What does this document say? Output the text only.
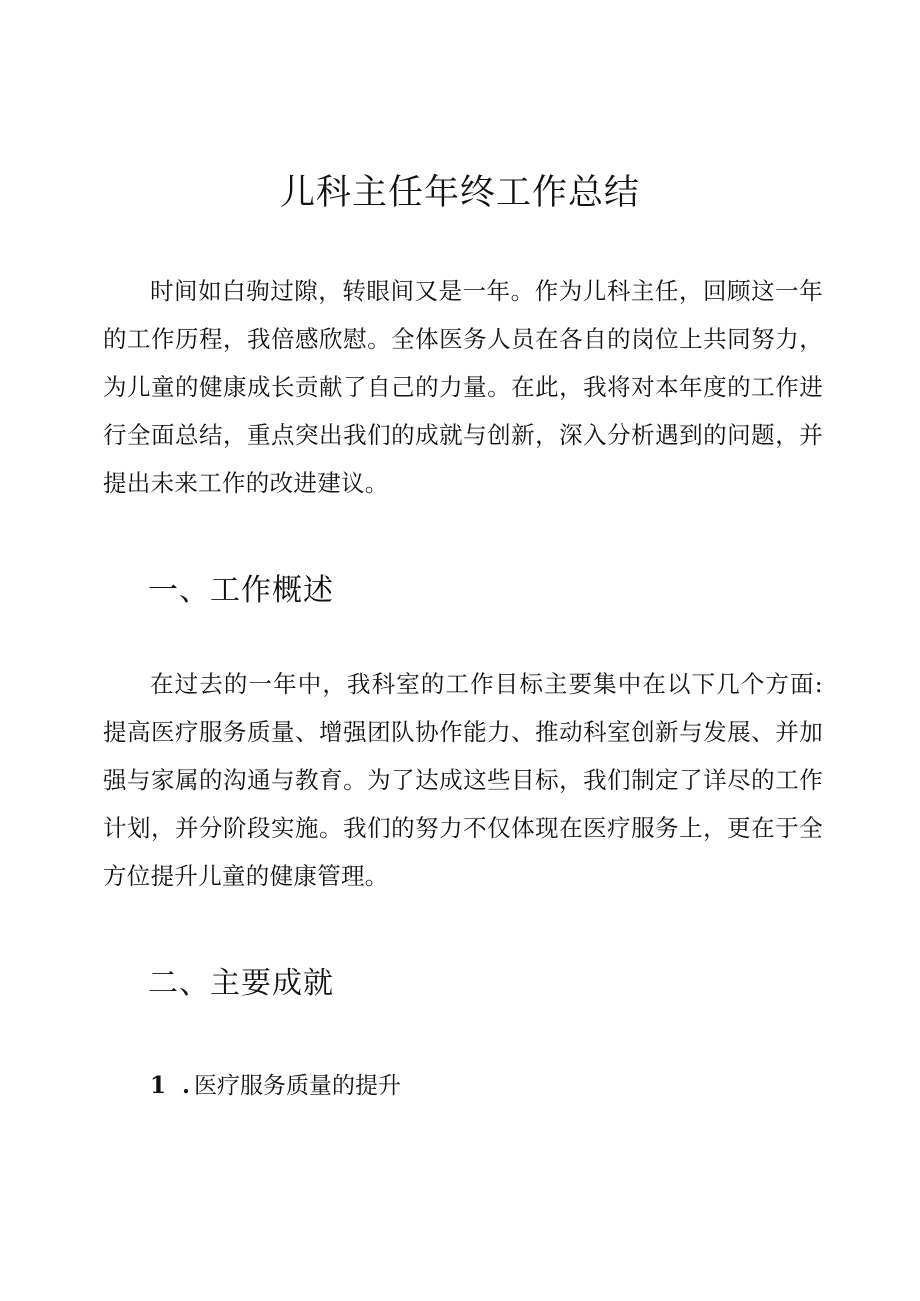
儿科主任年终工作总结

时间如白驹过隙，转眼间又是一年。作为儿科主任，回顾这一年的工作历程，我倍感欣慰。全体医务人员在各自的岗位上共同努力，为儿童的健康成长贡献了自己的力量。在此，我将对本年度的工作进行全面总结，重点突出我们的成就与创新，深入分析遇到的问题，并提出未来工作的改进建议。

一、工作概述

在过去的一年中，我科室的工作目标主要集中在以下几个方面:提高医疗服务质量、增强团队协作能力、推动科室创新与发展、并加强与家属的沟通与教育。为了达成这些目标，我们制定了详尽的工作计划，并分阶段实施。我们的努力不仅体现在医疗服务上，更在于全方位提升儿童的健康管理。

二、主要成就
1 .医疗服务质量的提升
